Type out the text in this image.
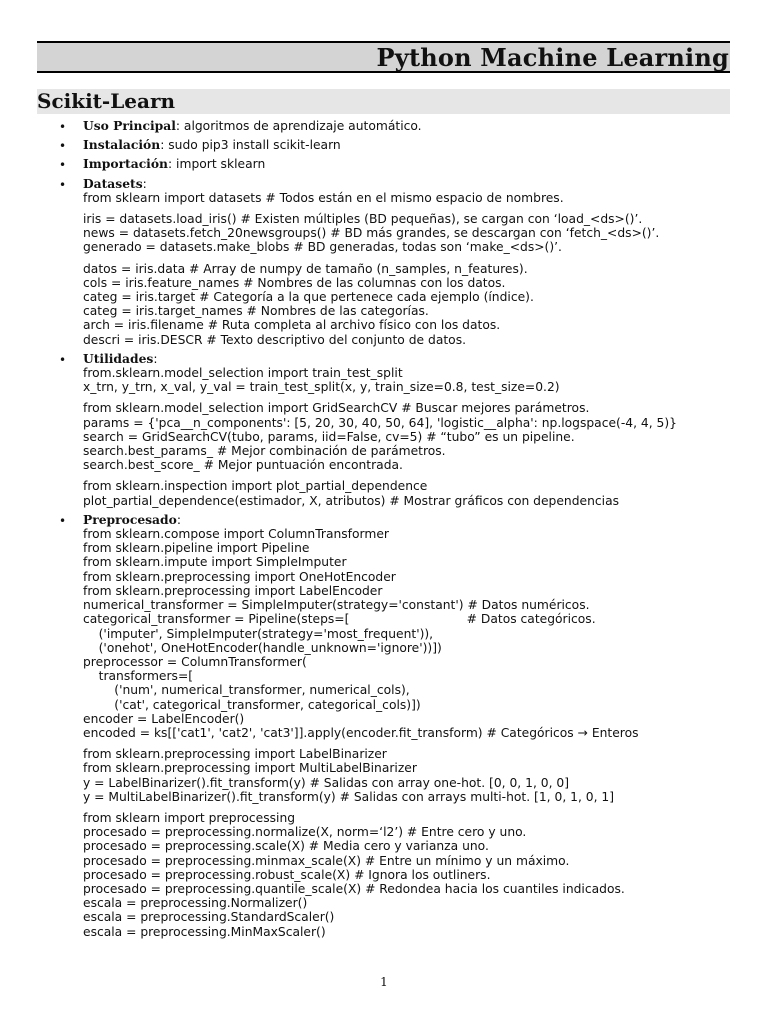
Python Machine Learning
Scikit-Learn
• Uso Principal: algoritmos de aprendizaje automático.
• Instalación: sudo pip3 install scikit-learn
• Importación: import sklearn
• Datasets:
from sklearn import datasets # Todos están en el mismo espacio de nombres.
iris = datasets.load_iris() # Existen múltiples (BD pequeñas), se cargan con ‘load_<ds>()’.
news = datasets.fetch_20newsgroups() # BD más grandes, se descargan con ‘fetch_<ds>()’.
generado = datasets.make_blobs # BD generadas, todas son ‘make_<ds>()’.
datos = iris.data # Array de numpy de tamaño (n_samples, n_features).
cols = iris.feature_names # Nombres de las columnas con los datos.
categ = iris.target # Categoría a la que pertenece cada ejemplo (índice).
categ = iris.target_names # Nombres de las categorías.
arch = iris.filename # Ruta completa al archivo físico con los datos.
descri = iris.DESCR # Texto descriptivo del conjunto de datos.
• Utilidades:
from.sklearn.model_selection import train_test_split
x_trn, y_trn, x_val, y_val = train_test_split(x, y, train_size=0.8, test_size=0.2)
from sklearn.model_selection import GridSearchCV # Buscar mejores parámetros.
params = {'pca__n_components': [5, 20, 30, 40, 50, 64], 'logistic__alpha': np.logspace(-4, 4, 5)}
search = GridSearchCV(tubo, params, iid=False, cv=5) # “tubo” es un pipeline.
search.best_params_ # Mejor combinación de parámetros.
search.best_score_ # Mejor puntuación encontrada.
from sklearn.inspection import plot_partial_dependence
plot_partial_dependence(estimador, X, atributos) # Mostrar gráficos con dependencias
• Preprocesado:
from sklearn.compose import ColumnTransformer
from sklearn.pipeline import Pipeline
from sklearn.impute import SimpleImputer
from sklearn.preprocessing import OneHotEncoder
from sklearn.preprocessing import LabelEncoder
numerical_transformer = SimpleImputer(strategy='constant') # Datos numéricos.
categorical_transformer = Pipeline(steps=[                              # Datos categóricos.
('imputer', SimpleImputer(strategy='most_frequent')),
('onehot', OneHotEncoder(handle_unknown='ignore'))])
preprocessor = ColumnTransformer(
transformers=[
('num', numerical_transformer, numerical_cols),
('cat', categorical_transformer, categorical_cols)])
encoder = LabelEncoder()
encoded = ks[['cat1', 'cat2', 'cat3']].apply(encoder.fit_transform) # Categóricos → Enteros
from sklearn.preprocessing import LabelBinarizer
from sklearn.preprocessing import MultiLabelBinarizer
y = LabelBinarizer().fit_transform(y) # Salidas con array one-hot. [0, 0, 1, 0, 0]
y = MultiLabelBinarizer().fit_transform(y) # Salidas con arrays multi-hot. [1, 0, 1, 0, 1]
from sklearn import preprocessing
procesado = preprocessing.normalize(X, norm=‘l2’) # Entre cero y uno.
procesado = preprocessing.scale(X) # Media cero y varianza uno.
procesado = preprocessing.minmax_scale(X) # Entre un mínimo y un máximo.
procesado = preprocessing.robust_scale(X) # Ignora los outliners.
procesado = preprocessing.quantile_scale(X) # Redondea hacia los cuantiles indicados.
escala = preprocessing.Normalizer()
escala = preprocessing.StandardScaler()
escala = preprocessing.MinMaxScaler()
1
